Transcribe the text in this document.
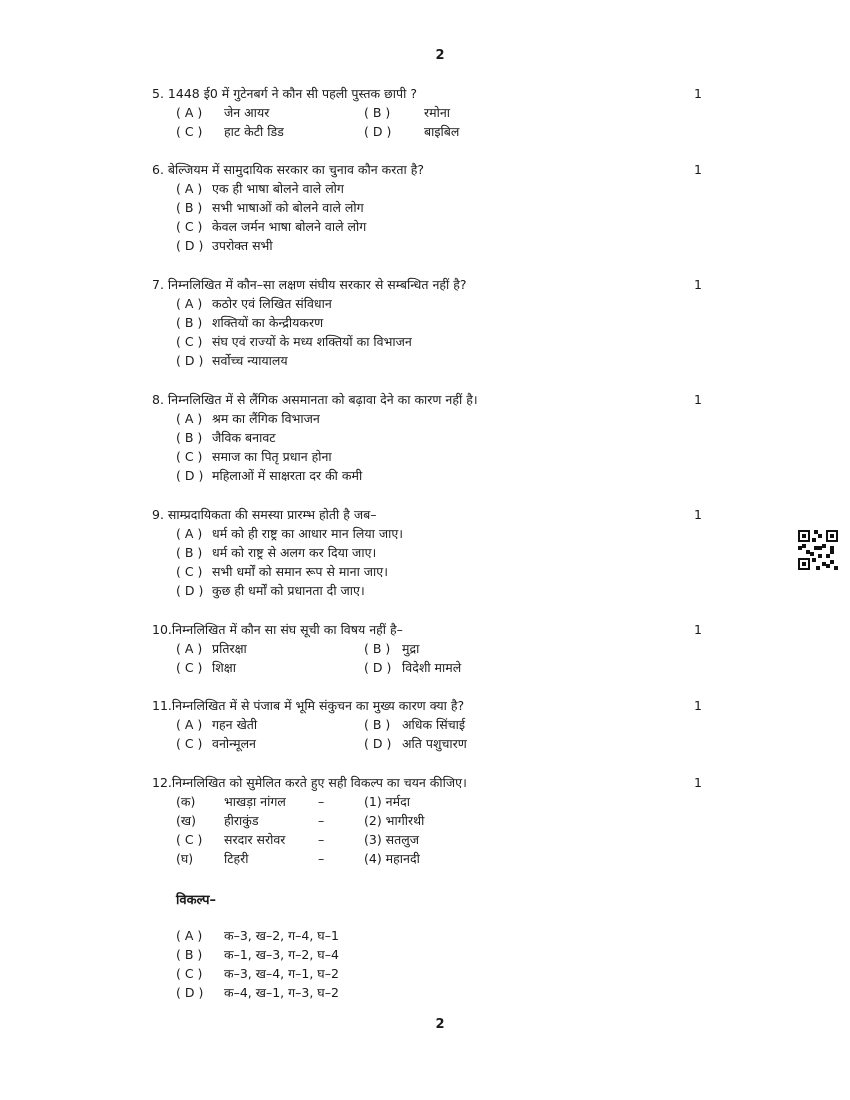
2
5. 1448 ई0 में गुटेनबर्ग ने कौन सी पहली पुस्तक छापी ?	1
( A ) जेन आयर	( B )	रमोना
( C ) हाट केटी डिड	( D )	बाइबिल
6. बेल्जियम में सामुदायिक सरकार का चुनाव कौन करता है?	1
( A ) एक ही भाषा बोलने वाले लोग
( B ) सभी भाषाओं को बोलने वाले लोग
( C ) केवल जर्मन भाषा बोलने वाले लोग
( D ) उपरोक्त सभी
7. निम्नलिखित में कौन–सा लक्षण संघीय सरकार से सम्बन्धित नहीं है?	1
( A ) कठोर एवं लिखित संविधान
( B ) शक्तियों का केन्द्रीयकरण
( C ) संघ एवं राज्यों के मध्य शक्तियों का विभाजन
( D ) सर्वोच्च न्यायालय
8. निम्नलिखित में से लैंगिक असमानता को बढ़ावा देने का कारण नहीं है।	1
( A ) श्रम का लैंगिक विभाजन
( B ) जैविक बनावट
( C ) समाज का पितृ प्रधान होना
( D ) महिलाओं में साक्षरता दर की कमी
9. साम्प्रदायिकता की समस्या प्रारम्भ होती है जब–	1
( A ) धर्म को ही राष्ट्र का आधार मान लिया जाए।
( B ) धर्म को राष्ट्र से अलग कर दिया जाए।
( C ) सभी धर्मों को समान रूप से माना जाए।
( D ) कुछ ही धर्मों को प्रधानता दी जाए।
10.निम्नलिखित में कौन सा संघ सूची का विषय नहीं है–	1
( A ) प्रतिरक्षा	( B ) मुद्रा
( C ) शिक्षा	( D ) विदेशी मामले
11.निम्नलिखित में से पंजाब में भूमि संकुचन का मुख्य कारण क्या है?	1
( A ) गहन खेती	( B ) अधिक सिंचाई
( C ) वनोन्मूलन	( D ) अति पशुचारण
12.निम्नलिखित को सुमेलित करते हुए सही विकल्प का चयन कीजिए।	1
(क) भाखड़ा नांगल	–	(1) नर्मदा
(ख) हीराकुंड	–	(2) भागीरथी
( C ) सरदार सरोवर	–	(3) सतलुज
(घ) टिहरी	–	(4) महानदी
विकल्प–
( A ) क–3, ख–2, ग–4, घ–1
( B ) क–1, ख–3, ग–2, घ–4
( C ) क–3, ख–4, ग–1, घ–2
( D ) क–4, ख–1, ग–3, घ–2
2
